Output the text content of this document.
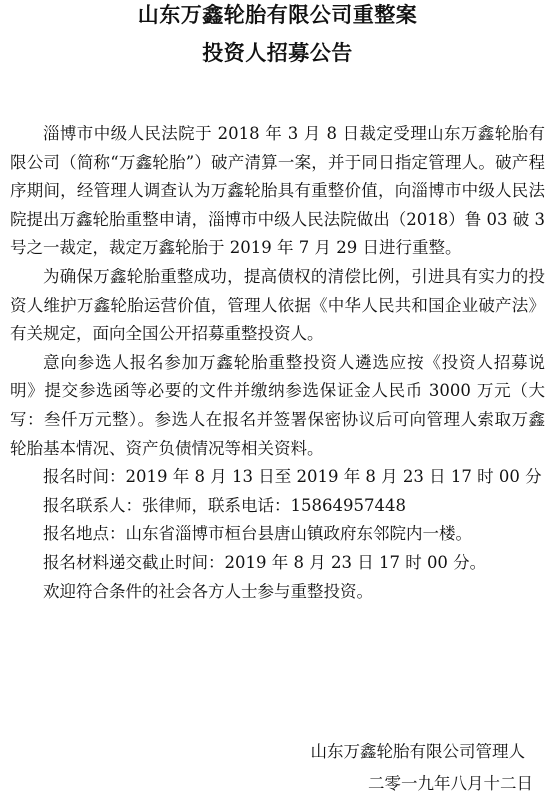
山东万鑫轮胎有限公司重整案
投资人招募公告

淄博市中级人民法院于 2018 年 3 月 8 日裁定受理山东万鑫轮胎有限公司（简称“万鑫轮胎”）破产清算一案，并于同日指定管理人。破产程序期间，经管理人调查认为万鑫轮胎具有重整价值，向淄博市中级人民法院提出万鑫轮胎重整申请，淄博市中级人民法院做出（2018）鲁 03 破 3 号之一裁定，裁定万鑫轮胎于 2019 年 7 月 29 日进行重整。

为确保万鑫轮胎重整成功，提高债权的清偿比例，引进具有实力的投资人维护万鑫轮胎运营价值，管理人依据《中华人民共和国企业破产法》有关规定，面向全国公开招募重整投资人。

意向参选人报名参加万鑫轮胎重整投资人遴选应按《投资人招募说明》提交参选函等必要的文件并缴纳参选保证金人民币 3000 万元（大写：叁仟万元整）。参选人在报名并签署保密协议后可向管理人索取万鑫轮胎基本情况、资产负债情况等相关资料。

报名时间：2019 年 8 月 13 日至 2019 年 8 月 23 日 17 时 00 分

报名联系人：张律师，联系电话：15864957448

报名地点：山东省淄博市桓台县唐山镇政府东邻院内一楼。

报名材料递交截止时间：2019 年 8 月 23 日 17 时 00 分。

欢迎符合条件的社会各方人士参与重整投资。

山东万鑫轮胎有限公司管理人
二零一九年八月十二日
